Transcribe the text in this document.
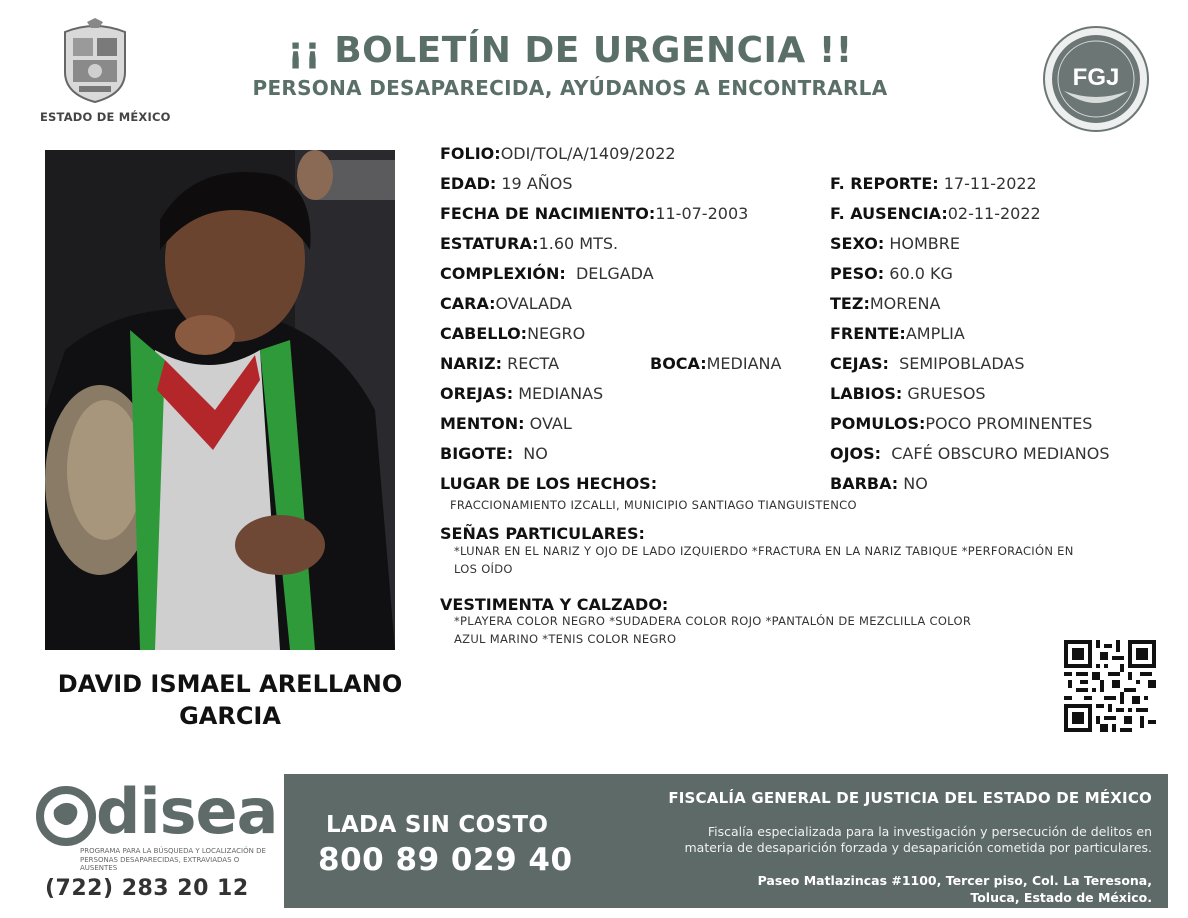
ESTADO DE MÉXICO
¡¡ BOLETÍN DE URGENCIA !!
PERSONA DESAPARECIDA, AYÚDANOS A ENCONTRARLA	FGJ
DAVID ISMAEL ARELLANO
GARCIA
FOLIO:ODI/TOL/A/1409/2022
EDAD: 19 AÑOS
FECHA DE NACIMIENTO:11-07-2003
ESTATURA:1.60 MTS.
COMPLEXIÓN: DELGADA
CARA:OVALADA
CABELLO:NEGRO
NARIZ: RECTA	BOCA:MEDIANA
OREJAS: MEDIANAS
MENTON: OVAL
BIGOTE: NO
LUGAR DE LOS HECHOS:
FRACCIONAMIENTO IZCALLI, MUNICIPIO SANTIAGO TIANGUISTENCO
F. REPORTE: 17-11-2022
F. AUSENCIA:02-11-2022
SEXO: HOMBRE
PESO: 60.0 KG
TEZ:MORENA
FRENTE:AMPLIA
CEJAS: SEMIPOBLADAS
LABIOS: GRUESOS
POMULOS:POCO PROMINENTES
OJOS: CAFÉ OBSCURO MEDIANOS
BARBA: NO
SEÑAS PARTICULARES:
*LUNAR EN EL NARIZ Y OJO DE LADO IZQUIERDO *FRACTURA EN LA NARIZ TABIQUE *PERFORACIÓN EN
LOS OÍDO
VESTIMENTA Y CALZADO:
*PLAYERA COLOR NEGRO *SUDADERA COLOR ROJO *PANTALÓN DE MEZCLILLA COLOR
AZUL MARINO *TENIS COLOR NEGRO
disea
PROGRAMA PARA LA BÚSQUEDA Y LOCALIZACIÓN DE PERSONAS DESAPARECIDAS, EXTRAVIADAS O AUSENTES
(722) 283 20 12
LADA SIN COSTO
800 89 029 40
FISCALÍA GENERAL DE JUSTICIA DEL ESTADO DE MÉXICO
Fiscalía especializada para la investigación y persecución de delitos en
materia de desaparición forzada y desaparición cometida por particulares.
Paseo Matlazincas #1100, Tercer piso, Col. La Teresona,
Toluca, Estado de México.
